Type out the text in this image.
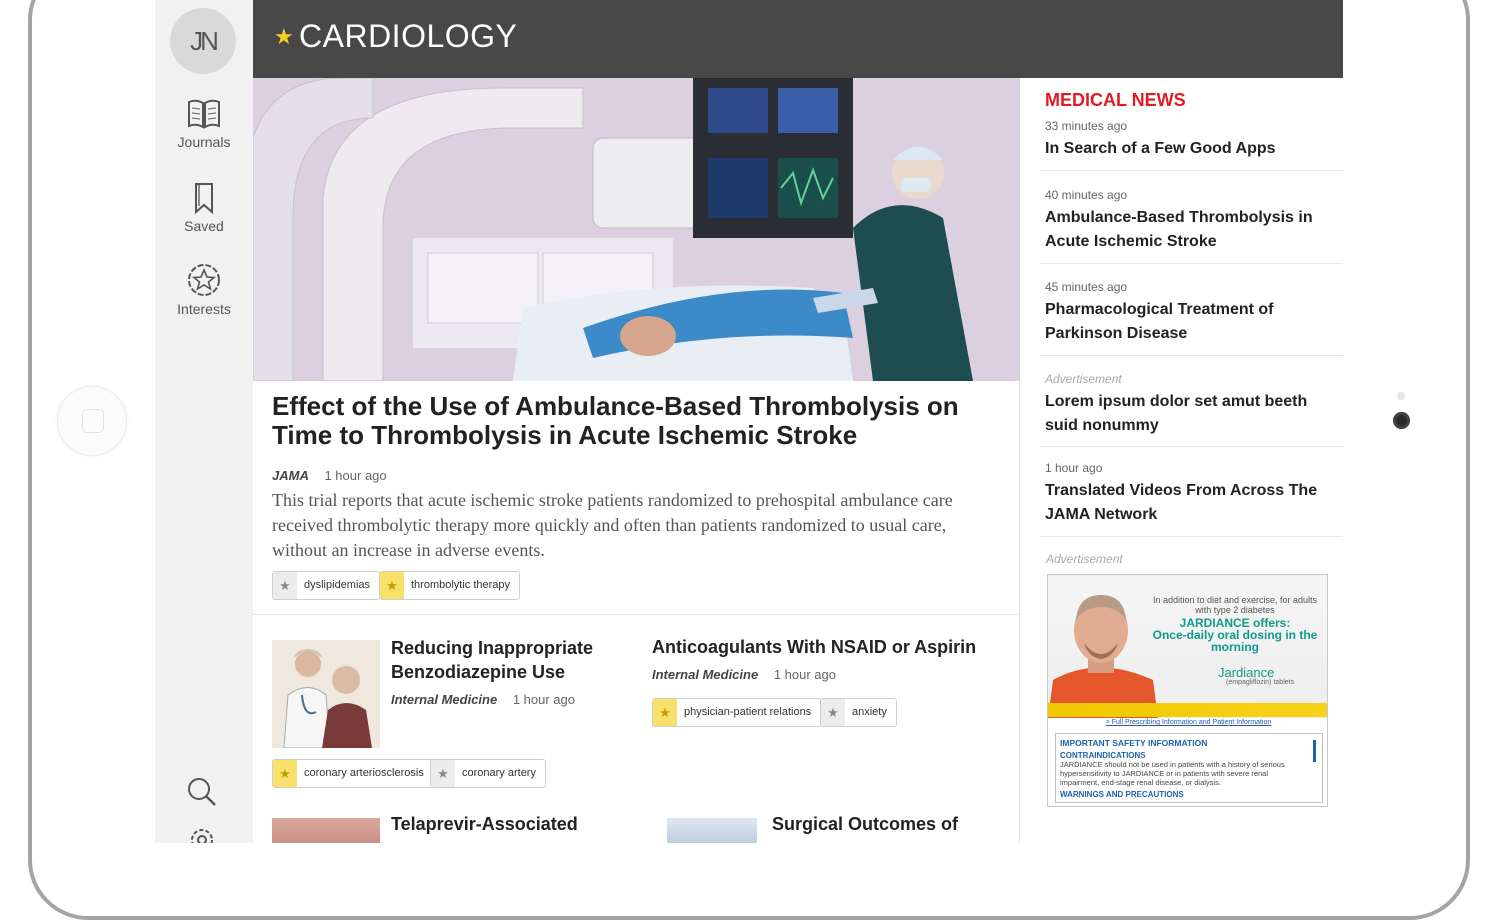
JN
Journals
Saved
Interests
★ CARDIOLOGY
Effect of the Use of Ambulance-Based Thrombolysis on Time to Thrombolysis in Acute Ischemic Stroke
JAMA 1 hour ago
This trial reports that acute ischemic stroke patients randomized to prehospital ambulance care received thrombolytic therapy more quickly and often than patients randomized to usual care, without an increase in adverse events.
★ dyslipidemias	★ thrombolytic therapy
Reducing Inappropriate Benzodiazepine Use
Internal Medicine 1 hour ago
★ coronary arteriosclerosis	★ coronary artery
Anticoagulants With NSAID or Aspirin
Internal Medicine 1 hour ago
★ physician-patient relations	★ anxiety
Telaprevir-Associated	Surgical Outcomes of
MEDICAL NEWS
33 minutes ago
In Search of a Few Good Apps
40 minutes ago
Ambulance-Based Thrombolysis in Acute Ischemic Stroke
45 minutes ago
Pharmacological Treatment of Parkinson Disease
Advertisement
Lorem ipsum dolor set amut beeth suid nonummy
1 hour ago
Translated Videos From Across The JAMA Network
Advertisement
In addition to diet and exercise, for adults with type 2 diabetes
JARDIANCE offers:
Once-daily oral dosing in the morning
Jardiance
(empagliflozin) tablets
> Full Prescribing Information and Patient Information
IMPORTANT SAFETY INFORMATION
CONTRAINDICATIONS
JARDIANCE should not be used in patients with a history of serious hypersensitivity to JARDIANCE or in patients with severe renal impairment, end-stage renal disease, or dialysis.
WARNINGS AND PRECAUTIONS
